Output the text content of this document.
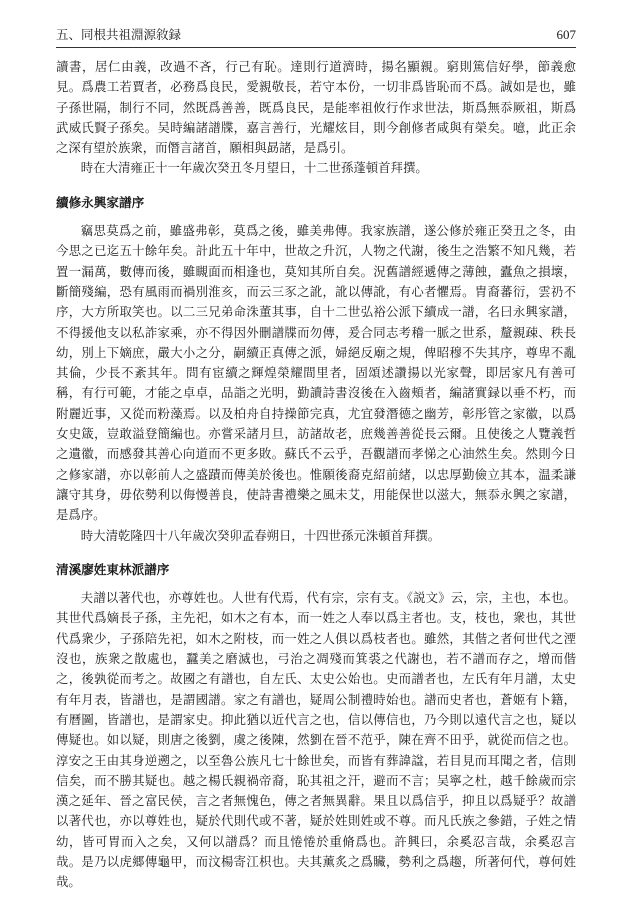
五、同根共祖淵源敘録	607

讀書，居仁由義，改過不吝，行己有恥。達則行道濟時，揚名顯親。窮則篤信好學，節義愈見。爲農工若賈者，必務爲良民，愛親敬長，若守本份，一切非爲皆恥而不爲。誠如是也，雖子孫世隔，制行不同，然既爲善善，既爲良民，是能率祖攸行作求世法，斯爲無忝厥祖，斯爲武威氏賢子孫矣。吴時編諸譜牒，嘉言善行，光耀炫目，則今創修者咸與有榮矣。噫，此正余之深有望於族衆，而僭言諸首，願相與勗諸，是爲引。

時在大清雍正十一年歲次癸丑冬月望日，十二世孫蓬頓首拜撰。

續修永興家譜序

竊思莫爲之前，雖盛弗彰，莫爲之後，雖美弗傳。我家族譜，遂公修於雍正癸丑之冬，由今思之已迄五十餘年矣。計此五十年中，世故之升沉，人物之代謝，後生之浩繁不知凡幾，若置一漏萬，數傳而後，雖瞡面而相逢也，莫知其所自矣。況舊譜經遞傳之薄蝕，蠹魚之損壞，斷簡殘編，恐有風雨而禍別淮亥，而云三豕之訛，訛以傳訛，有心者懼焉。胄裔蕃衍，雲礽不序，大方所取笑也。以二三兄弟命洙董其事，自十二世弘裕公派下續成一譜，名曰永興家譜，不得援他支以私詐家乘，亦不得因外刪譜牒而勿傳，爰合同志考稽一脈之世系，釐親疎、秩長幼，別上下嫡庶，嚴大小之分，嗣續正真傳之派，婦絕反廟之規，俾昭穆不失其序，尊卑不亂其倫，少長不紊其年。問有宦續之輝煌榮耀間里者，固頌述讚揚以光家聲，即居家凡有善可稱，有行可範，才能之卓卓，品詣之光明，勤讀詩書沒後在入齒頰者，編諸實録以垂不朽，而附麗近事，又從而粉藻焉。以及柏舟自持操節完真，尤宜發潛德之幽芳，彰彤管之家徽，以爲女史箴，豈敢溢登簡編也。亦嘗采諸月旦，訪諸故老，庶幾善善從長云爾。且使後之人覽義哲之遺徽，而感發其善心向道而不更多敗。蘇氏不云乎，吾觀譜而孝悌之心油然生矣。然則今日之修家譜，亦以彰前人之盛蹟而傳美於後也。惟願後裔克紹前緒，以忠厚勤儉立其本，温柔謙讓守其身，毋依勢利以侮慢善良，使詩書禮樂之風未艾，用能保世以滋大，無忝永興之家譜，是爲序。

時大清乾隆四十八年歲次癸卯孟春朔日，十四世孫元洙頓首拜撰。

清溪廖姓東林派譜序

夫譜以著代也，亦尊姓也。人世有代焉，代有宗，宗有支。《説文》云，宗，主也，本也。其世代爲嫡長子孫，主先祀，如木之有本，而一姓之人奉以爲主者也。支，枝也，衆也，其世代爲衆少，子孫陪先祀，如木之附枝，而一姓之人俱以爲枝者也。雖然，其偕之者何世代之湮沒也，族衆之散處也，蠶美之磨滅也，弓治之凋殘而箕裘之代謝也，若不譜而存之，增而偕之，後孰從而考之。故國之有譜也，自左氏、太史公始也。史而譜者也，左氏有年月譜，太史有年月表，皆譜也，是謂國譜。家之有譜也，疑周公制禮時始也。譜而史者也，蒼姬有卜籍，有曆圖，皆譜也，是謂家史。抑此猶以近代言之也，信以傳信也，乃今則以遠代言之也，疑以傳疑也。如以疑，則唐之後劉，虞之後陳，然劉在晉不范乎，陳在齊不田乎，就從而信之也。淳安之王由其身逆遡之，以至魯公族凡七十餘世矣，而皆有葬諱諡，若目見而耳聞之者，信則信矣，而不勝其疑也。越之楊氏親禍帝裔，恥其祖之汗，避而不言；吴寧之杜，越千餘歲而宗漢之延年、晉之富民侯，言之者無愧色，傳之者無異辭。果且以爲信乎，抑且以爲疑乎？故譜以著代也，亦以尊姓也，疑於代則代或不著，疑於姓則姓或不尊。而凡氏族之參錯，子姓之情幼，皆可胃而入之矣，又何以譜爲？而且惓惓於重脩爲也。許興曰，余奚忍言哉，余奚忍言哉。是乃以虎郷傳龜甲，而汶楊寄江枳也。夫其薰炙之爲贜，勢利之爲趨，所著何代，尊何姓哉。
